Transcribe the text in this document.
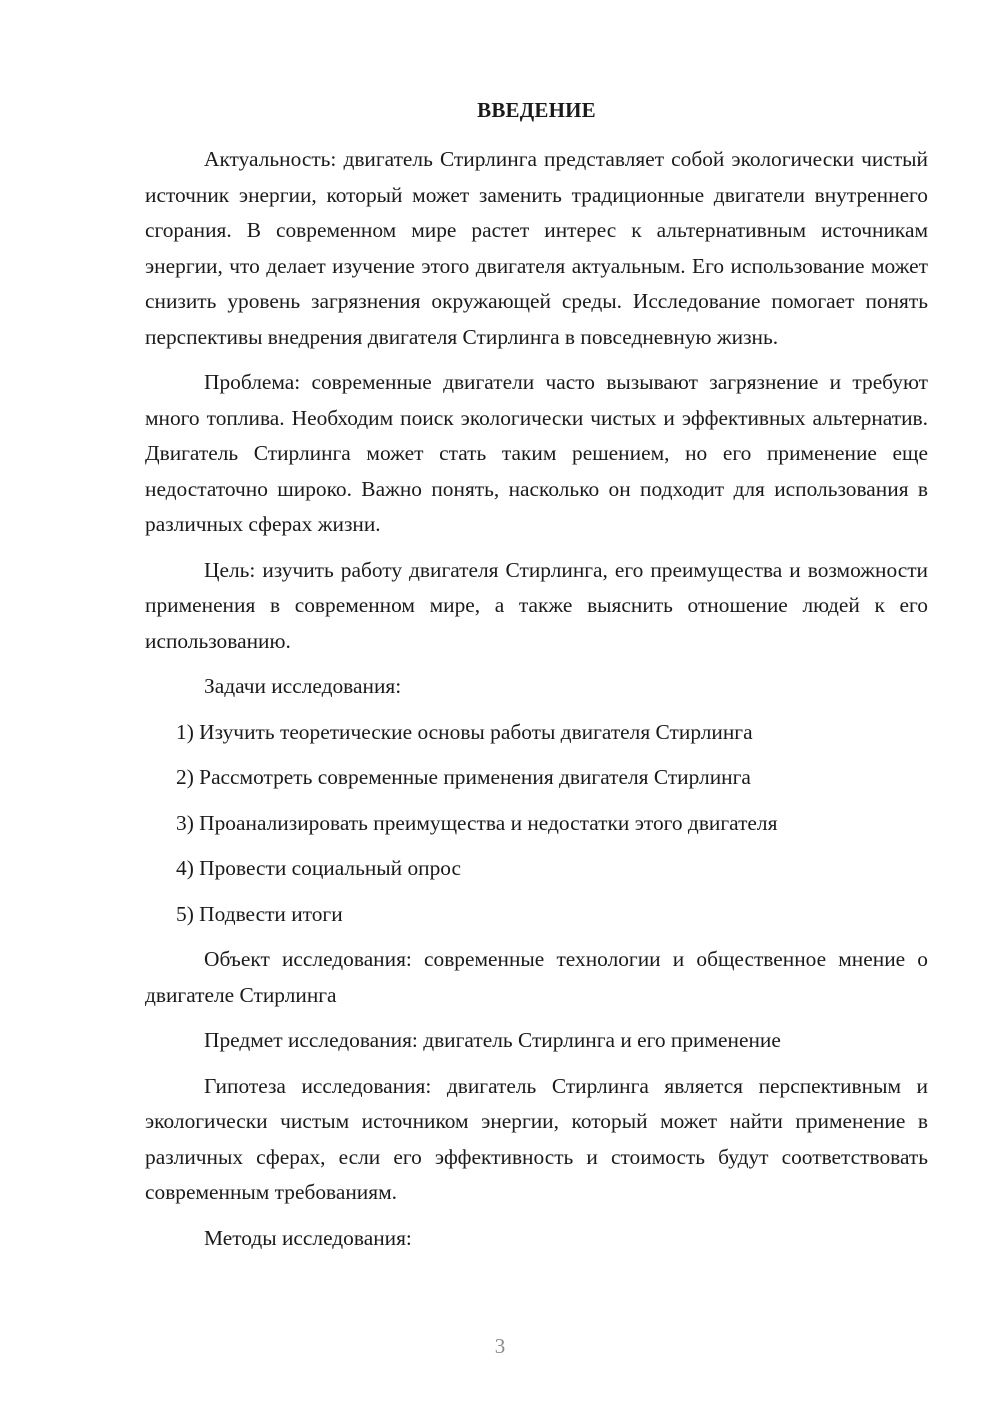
ВВЕДЕНИЕ

Актуальность: двигатель Стирлинга представляет собой экологически чистый источник энергии, который может заменить традиционные двигатели внутреннего сгорания. В современном мире растет интерес к альтернативным источникам энергии, что делает изучение этого двигателя актуальным. Его использование может снизить уровень загрязнения окружающей среды. Исследование помогает понять перспективы внедрения двигателя Стирлинга в повседневную жизнь.

Проблема: современные двигатели часто вызывают загрязнение и требуют много топлива. Необходим поиск экологически чистых и эффективных альтернатив. Двигатель Стирлинга может стать таким решением, но его применение еще недостаточно широко. Важно понять, насколько он подходит для использования в различных сферах жизни.

Цель: изучить работу двигателя Стирлинга, его преимущества и возможности применения в современном мире, а также выяснить отношение людей к его использованию.

Задачи исследования:

1) Изучить теоретические основы работы двигателя Стирлинга

2) Рассмотреть современные применения двигателя Стирлинга

3) Проанализировать преимущества и недостатки этого двигателя

4) Провести социальный опрос

5) Подвести итоги

Объект исследования: современные технологии и общественное мнение о двигателе Стирлинга

Предмет исследования: двигатель Стирлинга и его применение

Гипотеза исследования: двигатель Стирлинга является перспективным и экологически чистым источником энергии, который может найти применение в различных сферах, если его эффективность и стоимость будут соответствовать современным требованиям.

Методы исследования:

3
